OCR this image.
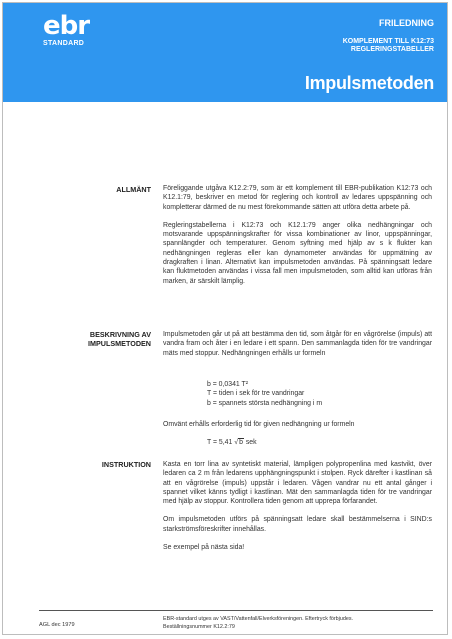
ebr
STANDARD
FRILEDNING
KOMPLEMENT TILL K12:73
REGLERINGSTABELLER
Impulsmetoden
ALLMÄNT Föreliggande utgåva K12.2:79, som är ett komplement till EBR-publikation K12:73 och K12.1:79, beskriver en metod för reglering och kontroll av ledares uppspänning och kompletterar därmed de nu mest förekommande sätten att utföra detta arbete på.

Regleringstabellerna i K12:73 och K12.1:79 anger olika nedhängningar och motsvarande uppspänningskrafter för vissa kombinationer av linor, uppspänningar, spannlängder och temperaturer. Genom syftning med hjälp av s k flukter kan nedhängningen regleras eller kan dynamometer användas för uppmätning av dragkraften i linan. Alternativt kan impulsmetoden användas. På spänningsatt ledare kan fluktmetoden användas i vissa fall men impulsmetoden, som alltid kan utföras från marken, är särskilt lämplig.

BESKRIVNING AV
IMPULSMETODEN

Impulsmetoden går ut på att bestämma den tid, som åtgår för en vågrörelse (impuls) att vandra fram och åter i en ledare i ett spann. Den sammanlagda tiden för tre vandringar mäts med stoppur. Nedhängningen erhålls ur formeln

b = 0,0341 T²
T = tiden i sek för tre vandringar
b = spannets största nedhängning i m

Omvänt erhålls erforderlig tid för given nedhängning ur formeln

T = 5,41 √b sek
INSTRUKTION Kasta en torr lina av syntetiskt material, lämpligen polypropenlina med kastvikt, över ledaren ca 2 m från ledarens upphängningspunkt i stolpen. Ryck därefter i kastlinan så att en vågrörelse (impuls) uppstår i ledaren. Vågen vandrar nu ett antal gånger i spannet vilket känns tydligt i kastlinan. Mät den sammanlagda tiden för tre vandringar med hjälp av stoppur. Kontrollera tiden genom att upprepa förfarandet.

Om impulsmetoden utförs på spänningsatt ledare skall bestämmelserna i SIND:s starkströmsföreskrifter innehållas.

Se exempel på nästa sida!

AGL dec 1979
EBR-standard utges av VAST/Vattenfall/Elverksföreningen. Eftertryck förbjudes.
Beställningsnummer K12.2:79
